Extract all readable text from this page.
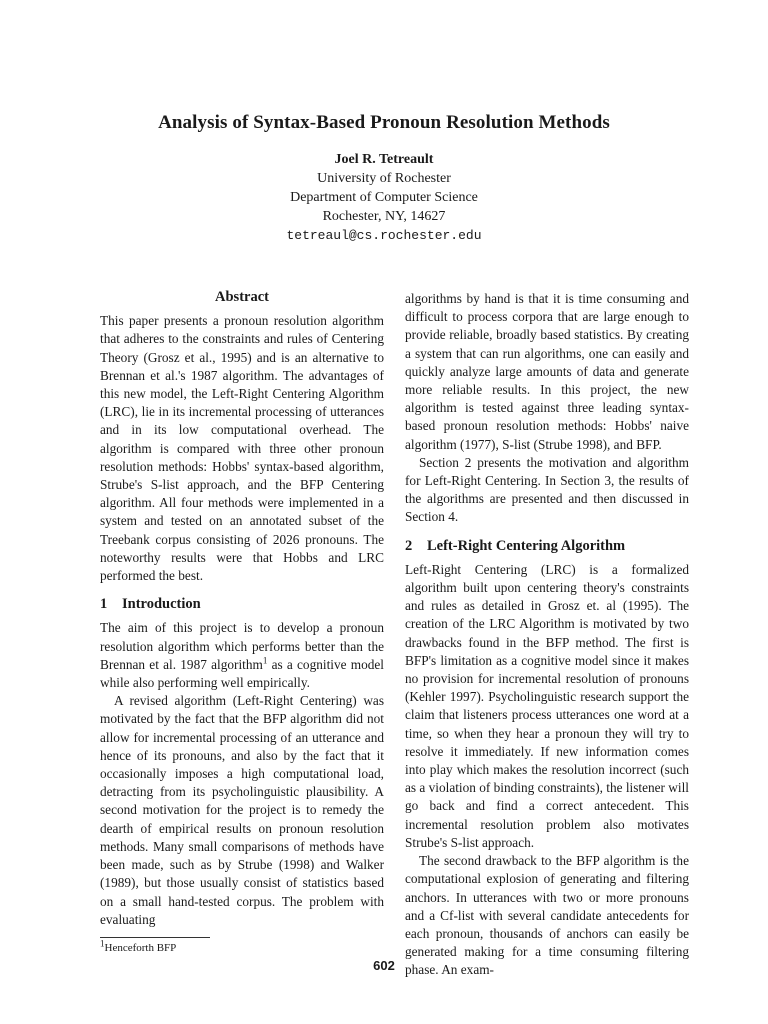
Analysis of Syntax-Based Pronoun Resolution Methods
Joel R. Tetreault
University of Rochester
Department of Computer Science
Rochester, NY, 14627
tetreaul@cs.rochester.edu
Abstract

This paper presents a pronoun resolution algorithm that adheres to the constraints and rules of Centering Theory (Grosz et al., 1995) and is an alternative to Brennan et al.'s 1987 algorithm. The advantages of this new model, the Left-Right Centering Algorithm (LRC), lie in its incremental processing of utterances and in its low computational overhead. The algorithm is compared with three other pronoun resolution methods: Hobbs' syntax-based algorithm, Strube's S-list approach, and the BFP Centering algorithm. All four methods were implemented in a system and tested on an annotated subset of the Treebank corpus consisting of 2026 pronouns. The noteworthy results were that Hobbs and LRC performed the best.

1 Introduction

The aim of this project is to develop a pronoun resolution algorithm which performs better than the Brennan et al. 1987 algorithm$^1$ as a cognitive model while also performing well empirically.

A revised algorithm (Left-Right Centering) was motivated by the fact that the BFP algorithm did not allow for incremental processing of an utterance and hence of its pronouns, and also by the fact that it occasionally imposes a high computational load, detracting from its psycholinguistic plausibility. A second motivation for the project is to remedy the dearth of empirical results on pronoun resolution methods. Many small comparisons of methods have been made, such as by Strube (1998) and Walker (1989), but those usually consist of statistics based on a small hand-tested corpus. The problem with evaluating

$^1$Henceforth BFP

algorithms by hand is that it is time consuming and difficult to process corpora that are large enough to provide reliable, broadly based statistics. By creating a system that can run algorithms, one can easily and quickly analyze large amounts of data and generate more reliable results. In this project, the new algorithm is tested against three leading syntax-based pronoun resolution methods: Hobbs' naive algorithm (1977), S-list (Strube 1998), and BFP.

Section 2 presents the motivation and algorithm for Left-Right Centering. In Section 3, the results of the algorithms are presented and then discussed in Section 4.

2 Left-Right Centering Algorithm

Left-Right Centering (LRC) is a formalized algorithm built upon centering theory's constraints and rules as detailed in Grosz et. al (1995). The creation of the LRC Algorithm is motivated by two drawbacks found in the BFP method. The first is BFP's limitation as a cognitive model since it makes no provision for incremental resolution of pronouns (Kehler 1997). Psycholinguistic research support the claim that listeners process utterances one word at a time, so when they hear a pronoun they will try to resolve it immediately. If new information comes into play which makes the resolution incorrect (such as a violation of binding constraints), the listener will go back and find a correct antecedent. This incremental resolution problem also motivates Strube's S-list approach.

The second drawback to the BFP algorithm is the computational explosion of generating and filtering anchors. In utterances with two or more pronouns and a Cf-list with several candidate antecedents for each pronoun, thousands of anchors can easily be generated making for a time consuming filtering phase. An exam-

602
